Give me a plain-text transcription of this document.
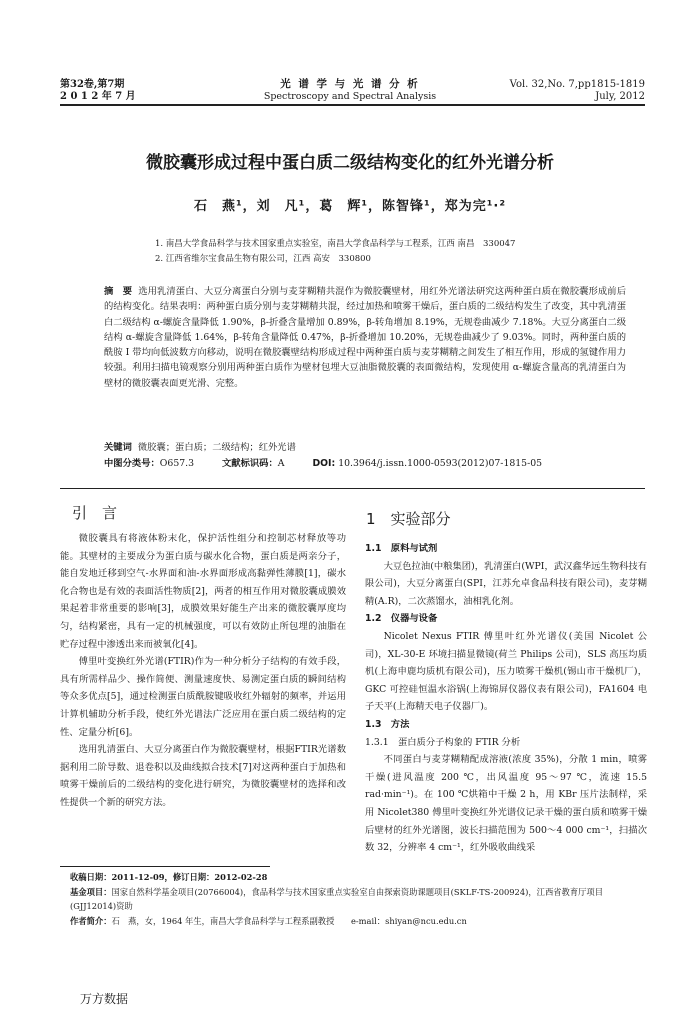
第32卷,第7期
2 0 1 2 年 7 月
光 谱 学 与 光 谱 分 析
Spectroscopy and Spectral Analysis
Vol. 32,No. 7,pp1815-1819
July, 2012
微胶囊形成过程中蛋白质二级结构变化的红外光谱分析
石　燕¹，刘　凡¹，葛　辉¹，陈智锋¹，郑为完¹·²
1. 南昌大学食品科学与技术国家重点实验室，南昌大学食品科学与工程系，江西 南昌　330047
2. 江西省维尔宝食品生物有限公司，江西 高安　330800
摘　要 选用乳清蛋白、大豆分离蛋白分别与麦芽糊精共混作为微胶囊壁材，用红外光谱法研究这两种蛋白质在微胶囊形成前后的结构变化。结果表明：两种蛋白质分别与麦芽糊精共混，经过加热和喷雾干燥后，蛋白质的二级结构发生了改变，其中乳清蛋白二级结构 α-螺旋含量降低 1.90%，β-折叠含量增加 0.89%，β-转角增加 8.19%，无规卷曲减少 7.18%。大豆分离蛋白二级结构 α-螺旋含量降低 1.64%，β-转角含量降低 0.47%，β-折叠增加 10.20%，无规卷曲减少了 9.03%。同时，两种蛋白质的酰胺 I 带均向低波数方向移动，说明在微胶囊壁结构形成过程中两种蛋白质与麦芽糊精之间发生了相互作用，形成的氢键作用力较强。利用扫描电镜观察分别用两种蛋白质作为壁材包埋大豆油脂微胶囊的表面微结构，发现使用 α-螺旋含量高的乳清蛋白为壁材的微胶囊表面更光滑、完整。
关键词 微胶囊；蛋白质；二级结构；红外光谱
中图分类号：O657.3	文献标识码：A	DOI: 10.3964/j.issn.1000-0593(2012)07-1815-05
引　言

微胶囊具有将液体粉末化，保护活性组分和控制芯材释放等功能。其壁材的主要成分为蛋白质与碳水化合物，蛋白质是两亲分子，能自发地迁移到空气-水界面和油-水界面形成高黏弹性薄膜[1]，碳水化合物也是有效的表面活性物质[2]，两者的相互作用对微胶囊成膜效果起着非常重要的影响[3]，成膜效果好能生产出来的微胶囊厚度均匀，结构紧密，具有一定的机械强度，可以有效防止所包埋的油脂在贮存过程中渗透出来而被氧化[4]。

傅里叶变换红外光谱(FTIR)作为一种分析分子结构的有效手段，具有所需样品少、操作简便、测量速度快、易测定蛋白质的瞬间结构等众多优点[5]，通过检测蛋白质酰胺键吸收红外辐射的频率，并运用计算机辅助分析手段，使红外光谱法广泛应用在蛋白质二级结构的定性、定量分析[6]。

选用乳清蛋白、大豆分离蛋白作为微胶囊壁材，根据FTIR光谱数据利用二阶导数、退卷积以及曲线拟合技术[7]对这两种蛋白于加热和喷雾干燥前后的二级结构的变化进行研究，为微胶囊壁材的选择和改性提供一个新的研究方法。

1　实验部分
1.1　原料与试剂

大豆色拉油(中粮集团)，乳清蛋白(WPI，武汉鑫华远生物科技有限公司)，大豆分离蛋白(SPI，江苏允卓食品科技有限公司)，麦芽糊精(A.R)，二次蒸馏水，油相乳化剂。

1.2　仪器与设备

Nicolet Nexus FTIR 傅里叶红外光谱仪(美国 Nicolet 公司)，XL-30-E 环境扫描显微镜(荷兰 Philips 公司)，SLS 高压均质机(上海申鹿均质机有限公司)，压力喷雾干燥机(锡山市干燥机厂)，GKC 可控硅恒温水浴锅(上海锦屏仪器仪表有限公司)，FA1604 电子天平(上海精天电子仪器厂)。

1.3　方法
1.3.1　蛋白质分子构象的 FTIR 分析

不同蛋白与麦芽糊精配成溶液(浓度 35%)，分散 1 min，喷雾干燥(进风温度 200 ℃，出风温度 95～97 ℃，流速 15.5 rad·min⁻¹)。在 100 ℃烘箱中干燥 2 h，用 KBr 压片法制样，采用 Nicolet380 傅里叶变换红外光谱仪记录干燥的蛋白质和喷雾干燥后壁材的红外光谱图，波长扫描范围为 500～4 000 cm⁻¹，扫描次数 32，分辨率 4 cm⁻¹，红外吸收曲线采

收稿日期：2011-12-09，修订日期：2012-02-28
基金项目：国家自然科学基金项目(20766004)，食品科学与技术国家重点实验室自由探索资助课题项目(SKLF-TS-200924)，江西省教育厅项目(GJJ12014)资助
作者简介：石　燕，女，1964 年生，南昌大学食品科学与工程系副教授　　e-mail：shiyan@ncu.edu.cn
万方数据
